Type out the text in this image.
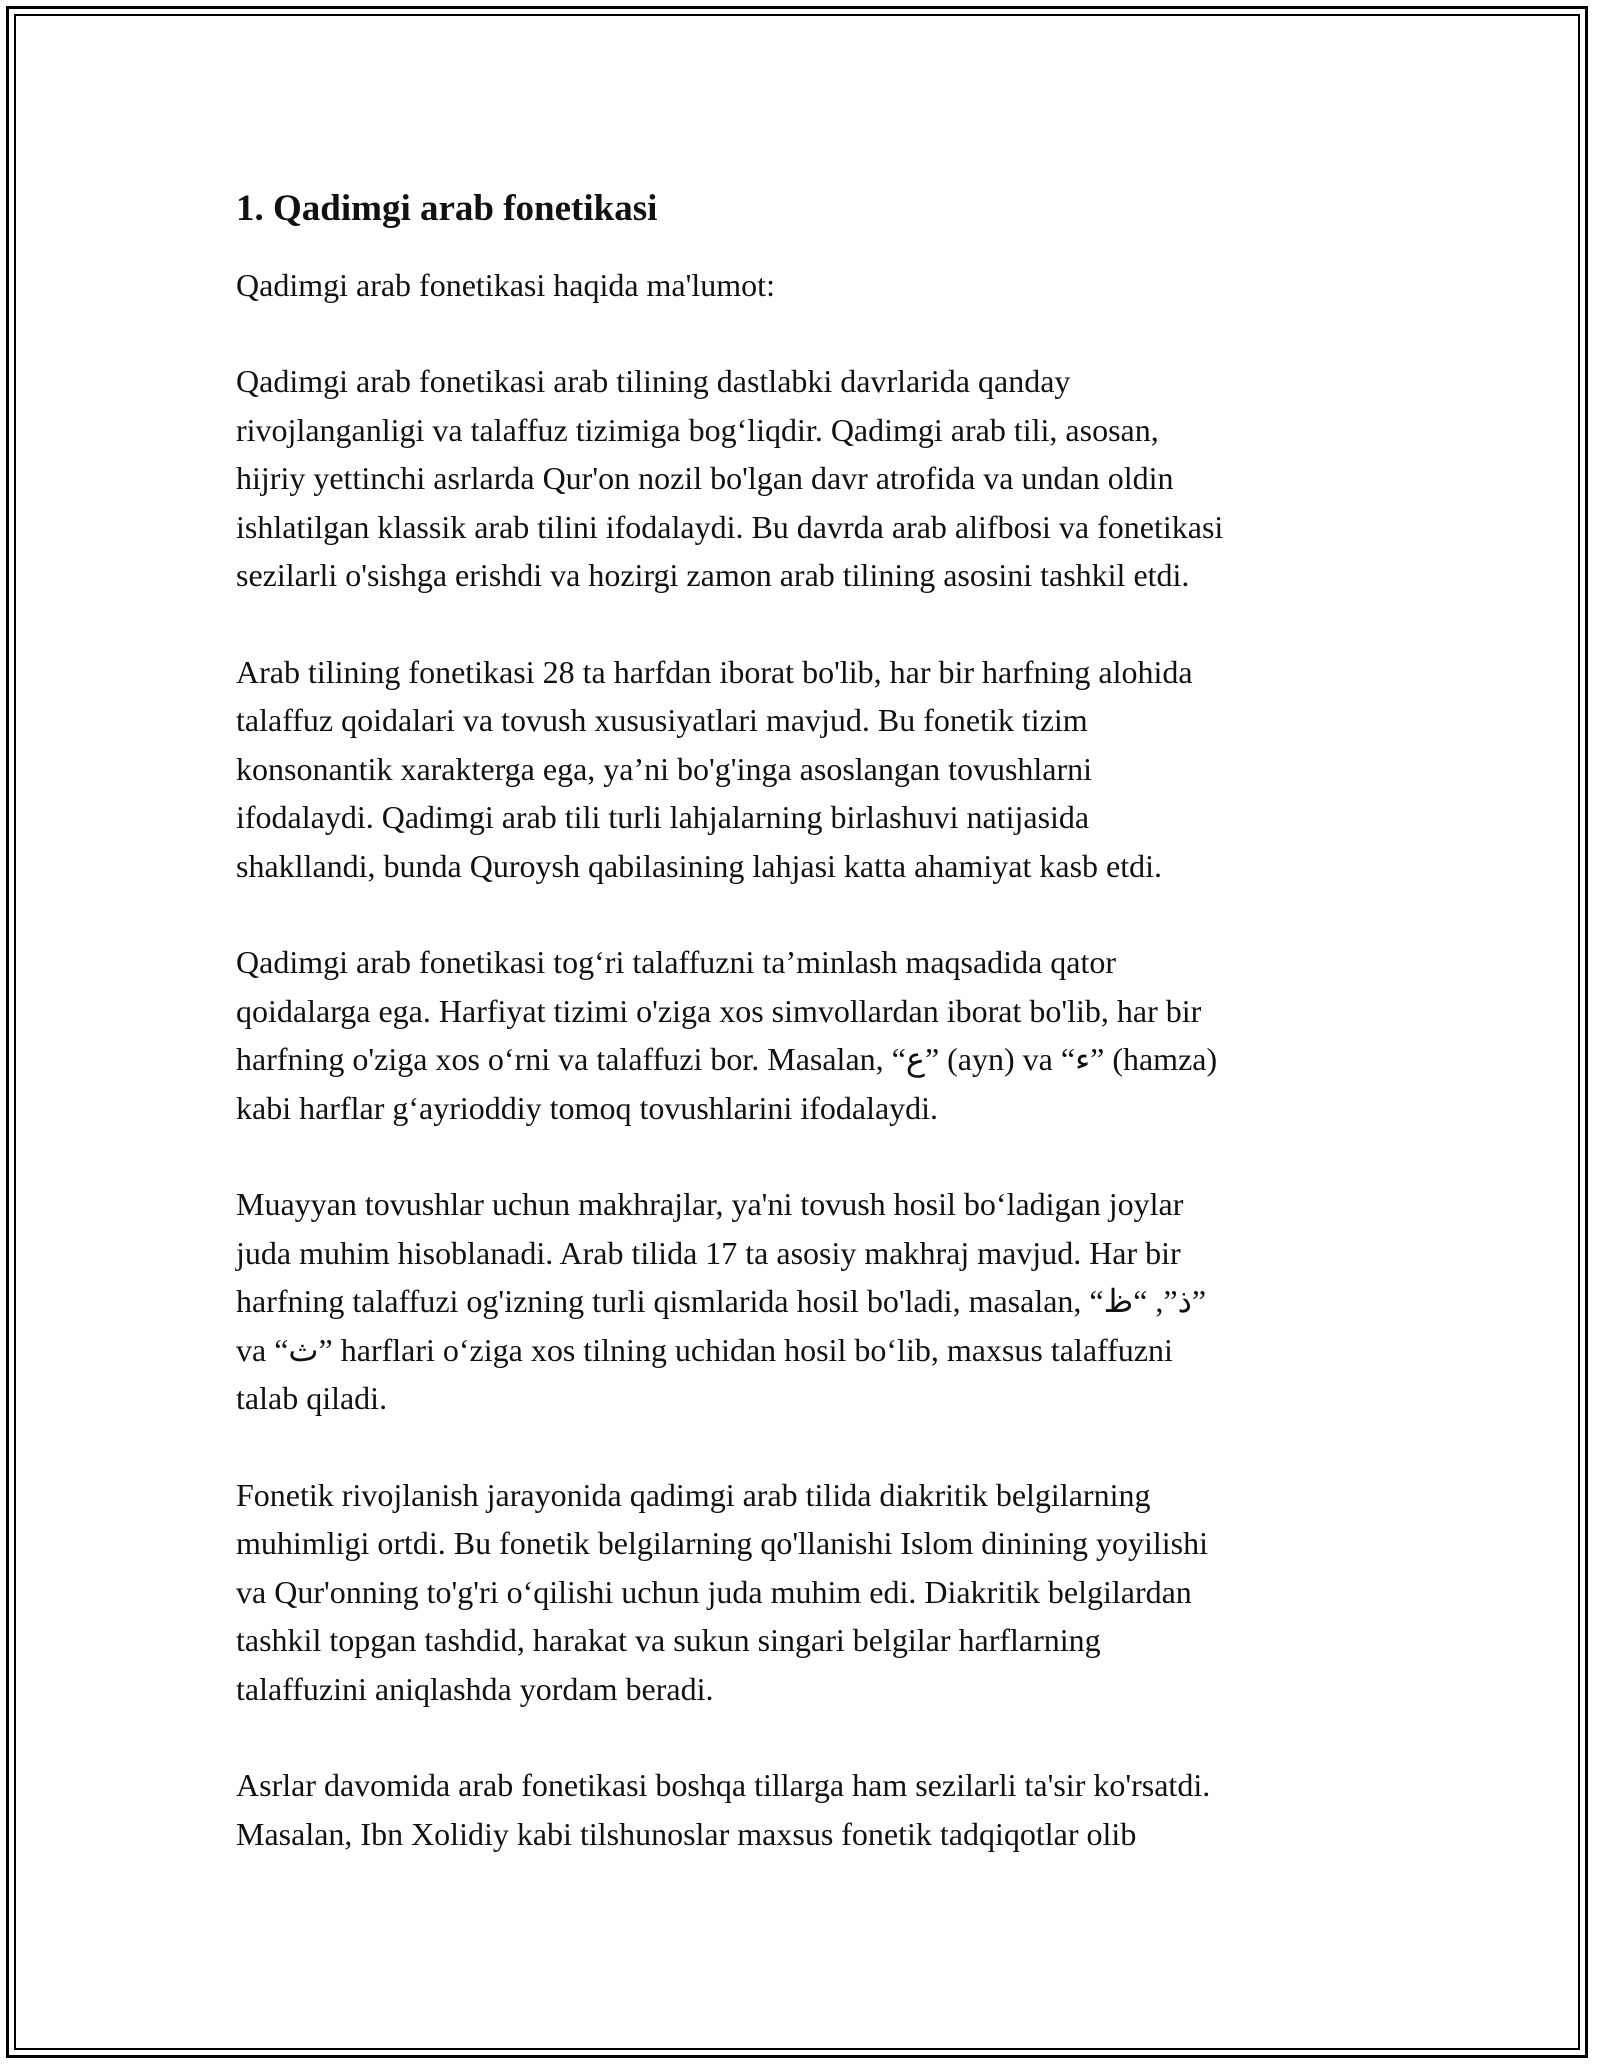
1. Qadimgi arab fonetikasi

Qadimgi arab fonetikasi haqida ma'lumot:

Qadimgi arab fonetikasi arab tilining dastlabki davrlarida qanday
rivojlanganligi va talaffuz tizimiga bog‘liqdir. Qadimgi arab tili, asosan,
hijriy yettinchi asrlarda Qur'on nozil bo'lgan davr atrofida va undan oldin
ishlatilgan klassik arab tilini ifodalaydi. Bu davrda arab alifbosi va fonetikasi
sezilarli o'sishga erishdi va hozirgi zamon arab tilining asosini tashkil etdi.

Arab tilining fonetikasi 28 ta harfdan iborat bo'lib, har bir harfning alohida
talaffuz qoidalari va tovush xususiyatlari mavjud. Bu fonetik tizim
konsonantik xarakterga ega, ya’ni bo'g'inga asoslangan tovushlarni
ifodalaydi. Qadimgi arab tili turli lahjalarning birlashuvi natijasida
shakllandi, bunda Quroysh qabilasining lahjasi katta ahamiyat kasb etdi.

Qadimgi arab fonetikasi tog‘ri talaffuzni ta’minlash maqsadida qator
qoidalarga ega. Harfiyat tizimi o'ziga xos simvollardan iborat bo'lib, har bir
harfning o'ziga xos o‘rni va talaffuzi bor. Masalan, “ع” (ayn) va “ء” (hamza)
kabi harflar g‘ayrioddiy tomoq tovushlarini ifodalaydi.

Muayyan tovushlar uchun makhrajlar, ya'ni tovush hosil bo‘ladigan joylar
juda muhim hisoblanadi. Arab tilida 17 ta asosiy makhraj mavjud. Har bir
harfning talaffuzi og'izning turli qismlarida hosil bo'ladi, masalan, “ذ”, “ظ”
va “ث” harflari o‘ziga xos tilning uchidan hosil bo‘lib, maxsus talaffuzni
talab qiladi.

Fonetik rivojlanish jarayonida qadimgi arab tilida diakritik belgilarning
muhimligi ortdi. Bu fonetik belgilarning qo'llanishi Islom dinining yoyilishi
va Qur'onning to'g'ri o‘qilishi uchun juda muhim edi. Diakritik belgilardan
tashkil topgan tashdid, harakat va sukun singari belgilar harflarning
talaffuzini aniqlashda yordam beradi.

Asrlar davomida arab fonetikasi boshqa tillarga ham sezilarli ta'sir ko'rsatdi.
Masalan, Ibn Xolidiy kabi tilshunoslar maxsus fonetik tadqiqotlar olib
